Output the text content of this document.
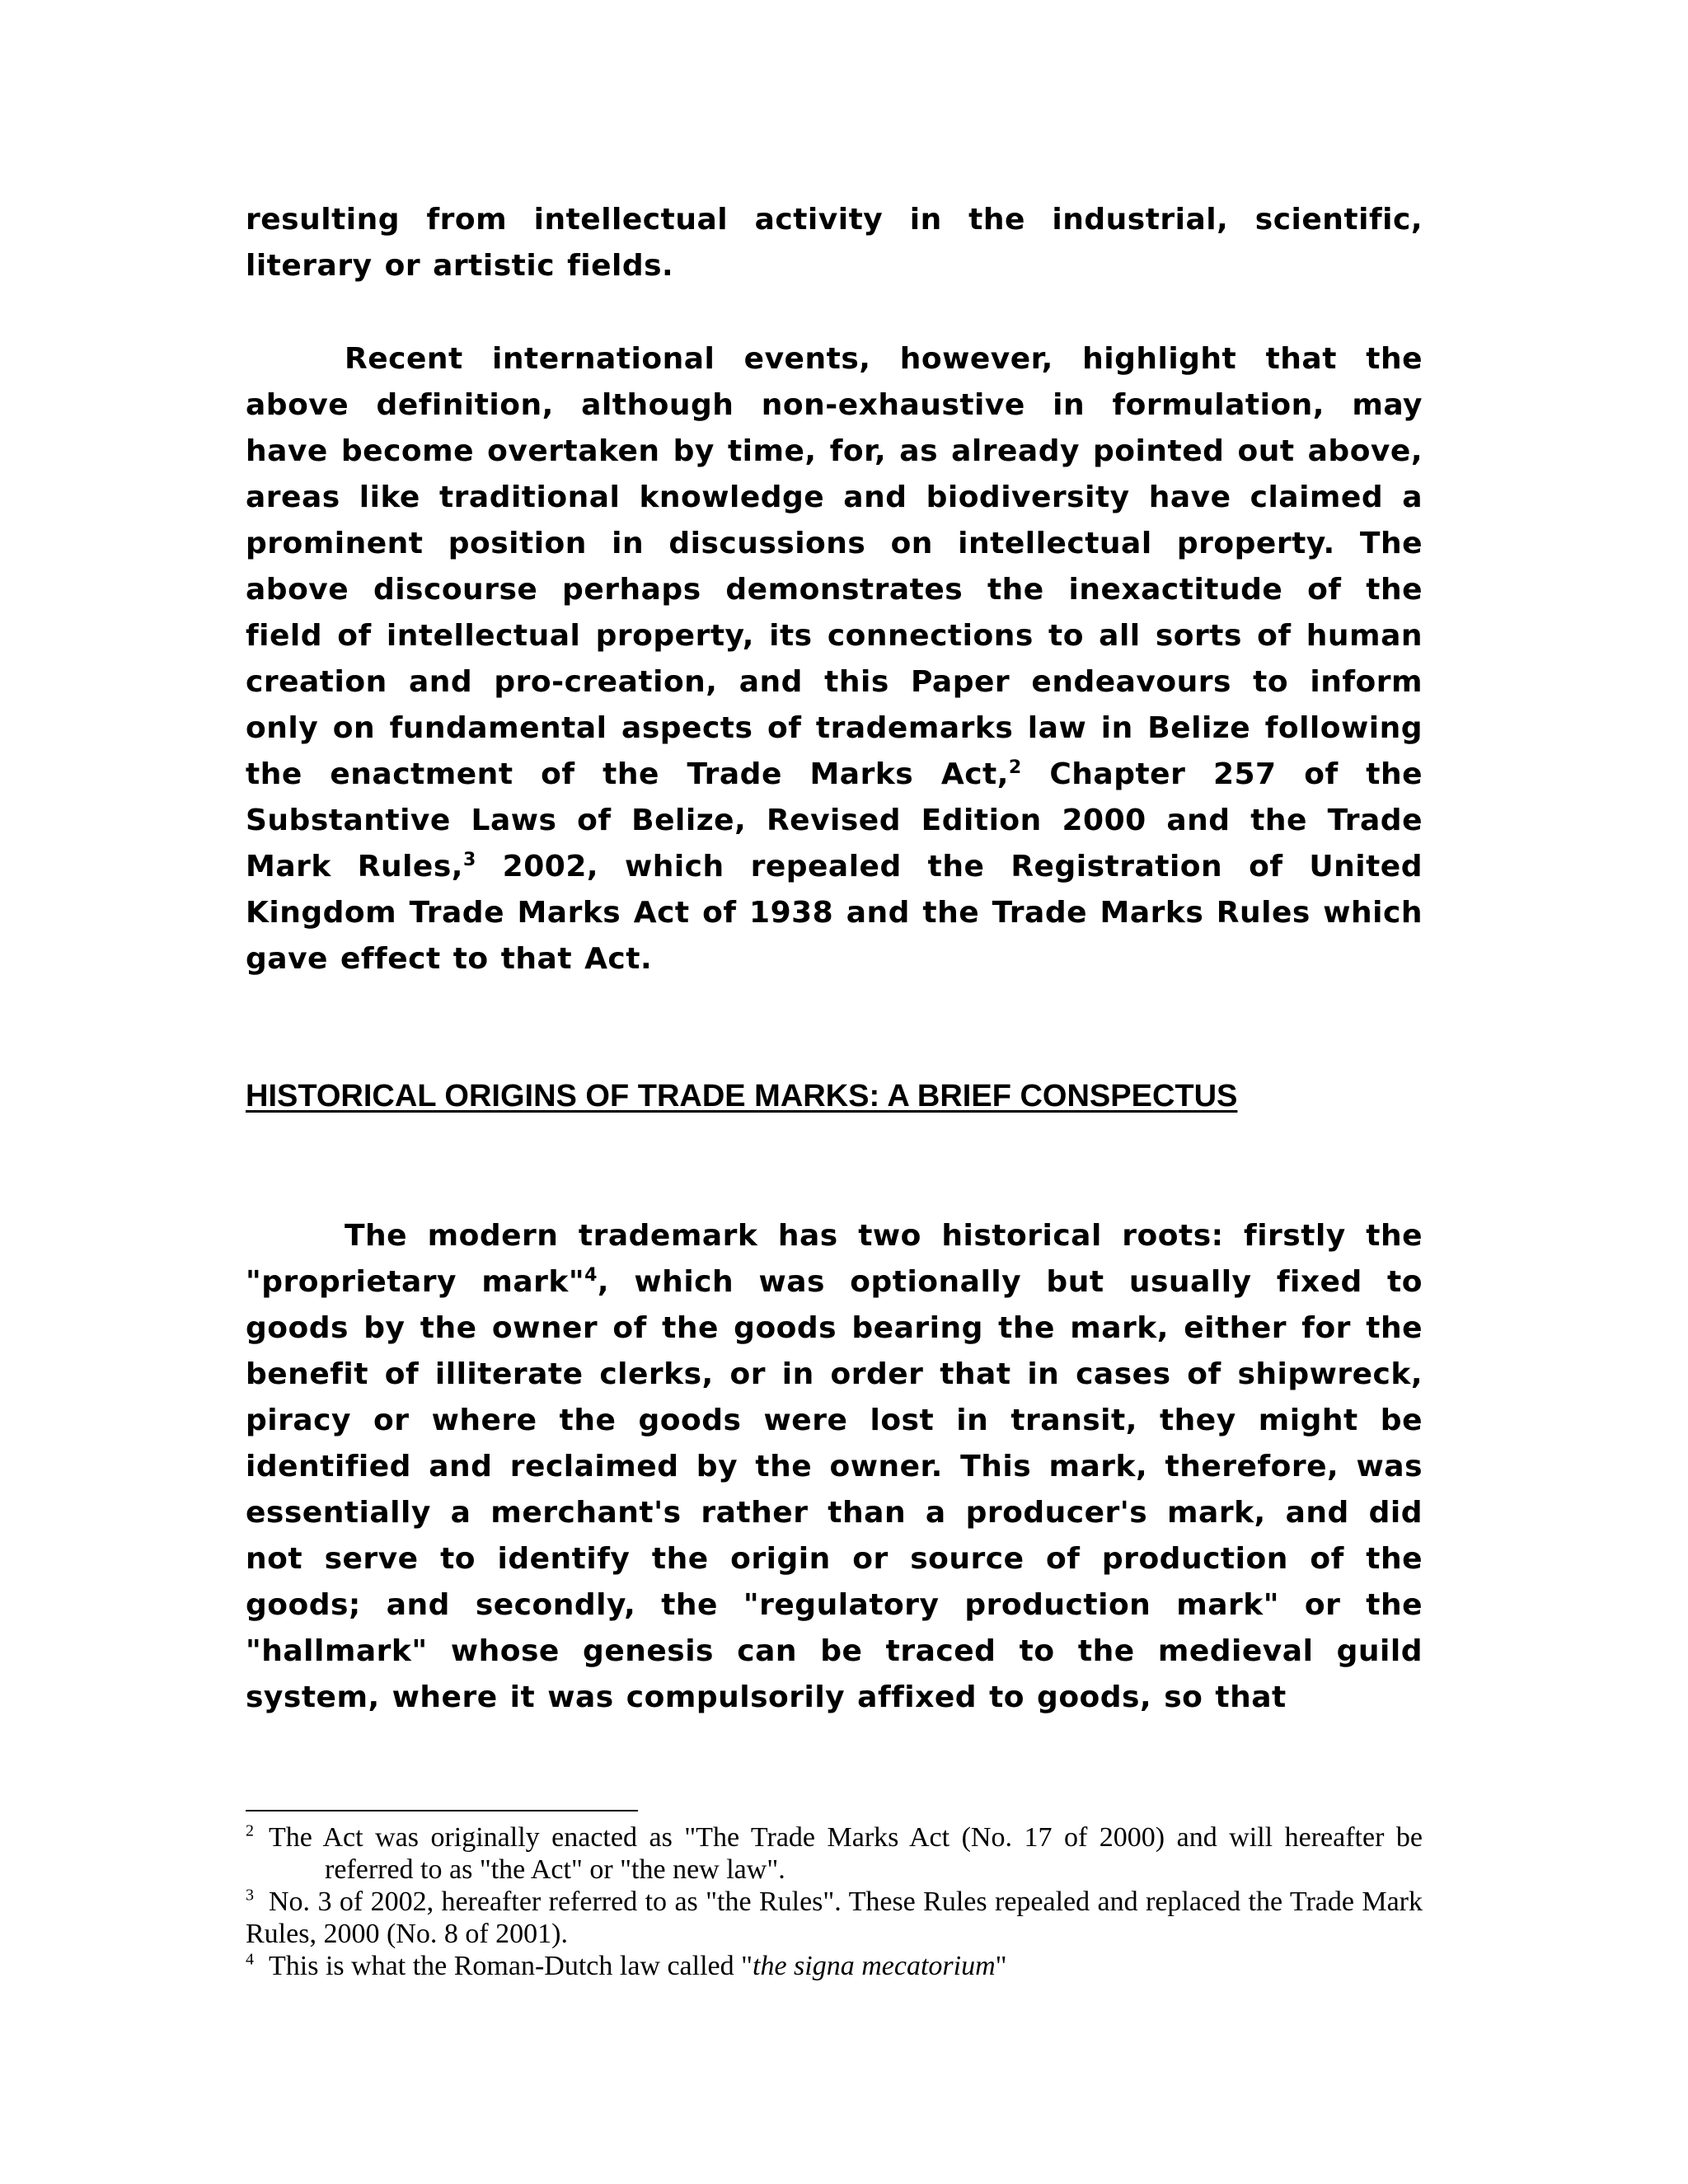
resulting from intellectual activity in the industrial, scientific, literary or artistic fields.

Recent international events, however, highlight that the above definition, although non-exhaustive in formulation, may have become overtaken by time, for, as already pointed out above, areas like traditional knowledge and biodiversity have claimed a prominent position in discussions on intellectual property. The above discourse perhaps demonstrates the inexactitude of the field of intellectual property, its connections to all sorts of human creation and pro-creation, and this Paper endeavours to inform only on fundamental aspects of trademarks law in Belize following the enactment of the Trade Marks Act,$^2$ Chapter 257 of the Substantive Laws of Belize, Revised Edition 2000 and the Trade Mark Rules,$^3$ 2002, which repealed the Registration of United Kingdom Trade Marks Act of 1938 and the Trade Marks Rules which gave effect to that Act.

HISTORICAL ORIGINS OF TRADE MARKS: A BRIEF CONSPECTUS

The modern trademark has two historical roots: firstly the "proprietary mark"$^4$, which was optionally but usually fixed to goods by the owner of the goods bearing the mark, either for the benefit of illiterate clerks, or in order that in cases of shipwreck, piracy or where the goods were lost in transit, they might be identified and reclaimed by the owner. This mark, therefore, was essentially a merchant's rather than a producer's mark, and did not serve to identify the origin or source of production of the goods; and secondly, the "regulatory production mark" or the "hallmark" whose genesis can be traced to the medieval guild system, where it was compulsorily affixed to goods, so that

$^2$ The Act was originally enacted as "The Trade Marks Act (No. 17 of 2000) and will hereafter be referred to as "the Act" or "the new law".

$^3$ No. 3 of 2002, hereafter referred to as "the Rules". These Rules repealed and replaced the Trade Mark Rules, 2000 (No. 8 of 2001).

$^4$ This is what the Roman-Dutch law called "the signa mecatorium"
